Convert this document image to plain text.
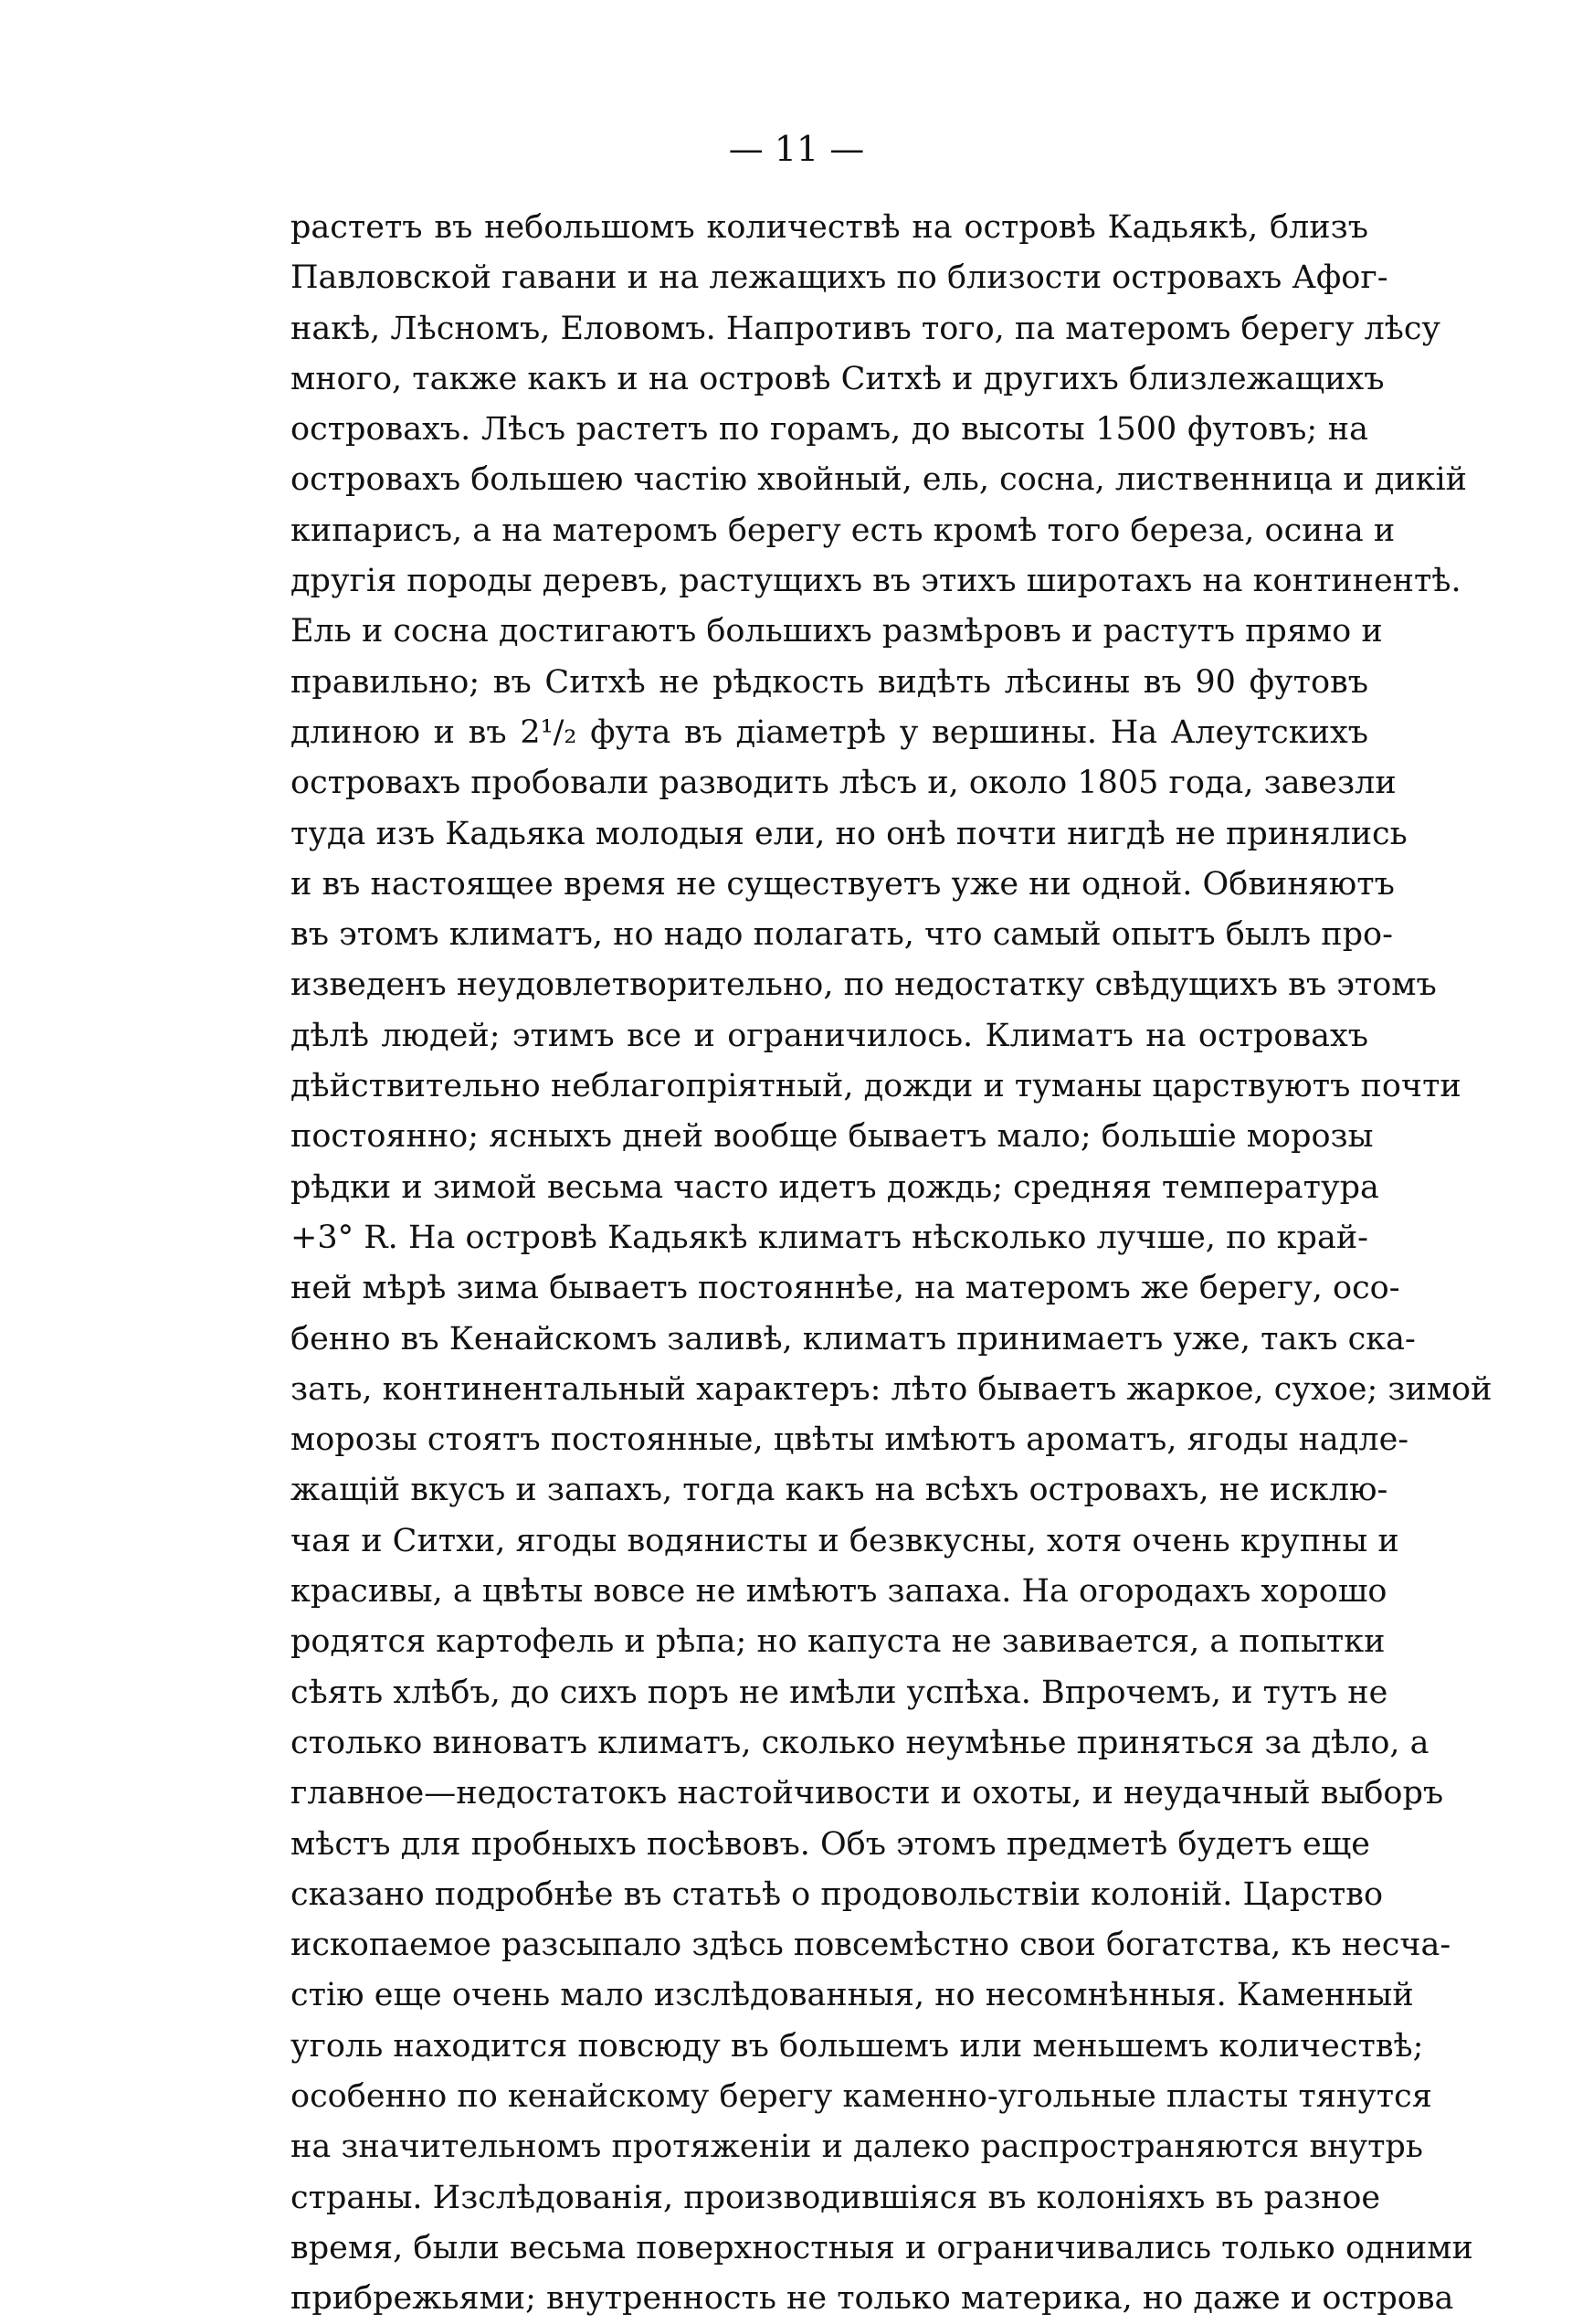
— 11 —
растетъ въ небольшомъ количествѣ на островѣ Кадьякѣ, близъ
Павловской гавани и на лежащихъ по близости островахъ Афог-
накѣ, Лѣсномъ, Еловомъ. Напротивъ того, па матеромъ берегу лѣсу
много, также какъ и на островѣ Ситхѣ и другихъ близлежащихъ
островахъ. Лѣсъ растетъ по горамъ, до высоты 1500 футовъ; на
островахъ большею частію хвойный, ель, сосна, лиственница и дикій
кипарисъ, а на матеромъ берегу есть кромѣ того береза, осина и
другія породы деревъ, растущихъ въ этихъ широтахъ на континентѣ.
Ель и сосна достигаютъ большихъ размѣровъ и растутъ прямо и
правильно; въ Ситхѣ не рѣдкость видѣть лѣсины въ 90 футовъ
длиною и въ 2¹/₂ фута въ діаметрѣ у вершины. На Алеутскихъ
островахъ пробовали разводить лѣсъ и, около 1805 года, завезли
туда изъ Кадьяка молодыя ели, но онѣ почти нигдѣ не принялись
и въ настоящее время не существуетъ уже ни одной. Обвиняютъ
въ этомъ климатъ, но надо полагать, что самый опытъ былъ про-
изведенъ неудовлетворительно, по недостатку свѣдущихъ въ этомъ
дѣлѣ людей; этимъ все и ограничилось. Климатъ на островахъ
дѣйствительно неблагопріятный, дожди и туманы царствуютъ почти
постоянно; ясныхъ дней вообще бываетъ мало; большіе морозы
рѣдки и зимой весьма часто идетъ дождь; средняя температура
+3° R. На островѣ Кадьякѣ климатъ нѣсколько лучше, по край-
ней мѣрѣ зима бываетъ постояннѣе, на матеромъ же берегу, осо-
бенно въ Кенайскомъ заливѣ, климатъ принимаетъ уже, такъ ска-
зать, континентальный характеръ: лѣто бываетъ жаркое, сухое; зимой
морозы стоятъ постоянные, цвѣты имѣютъ ароматъ, ягоды надле-
жащій вкусъ и запахъ, тогда какъ на всѣхъ островахъ, не исклю-
чая и Ситхи, ягоды водянисты и безвкусны, хотя очень крупны и
красивы, а цвѣты вовсе не имѣютъ запаха. На огородахъ хорошо
родятся картофель и рѣпа; но капуста не завивается, а попытки
сѣять хлѣбъ, до сихъ поръ не имѣли успѣха. Впрочемъ, и тутъ не
столько виноватъ климатъ, сколько неумѣнье приняться за дѣло, а
главное—недостатокъ настойчивости и охоты, и неудачный выборъ
мѣстъ для пробныхъ посѣвовъ. Объ этомъ предметѣ будетъ еще
сказано подробнѣе въ статьѣ о продовольствіи колоній. Царство
ископаемое разсыпало здѣсь повсемѣстно свои богатства, къ несча-
стію еще очень мало изслѣдованныя, но несомнѣнныя. Каменный
уголь находится повсюду въ большемъ или меньшемъ количествѣ;
особенно по кенайскому берегу каменно-угольные пласты тянутся
на значительномъ протяженіи и далеко распространяются внутрь
страны. Изслѣдованія, производившіяся въ колоніяхъ въ разное
время, были весьма поверхностныя и ограничивались только одними
прибрежьями; внутренность не только материка, но даже и острова
